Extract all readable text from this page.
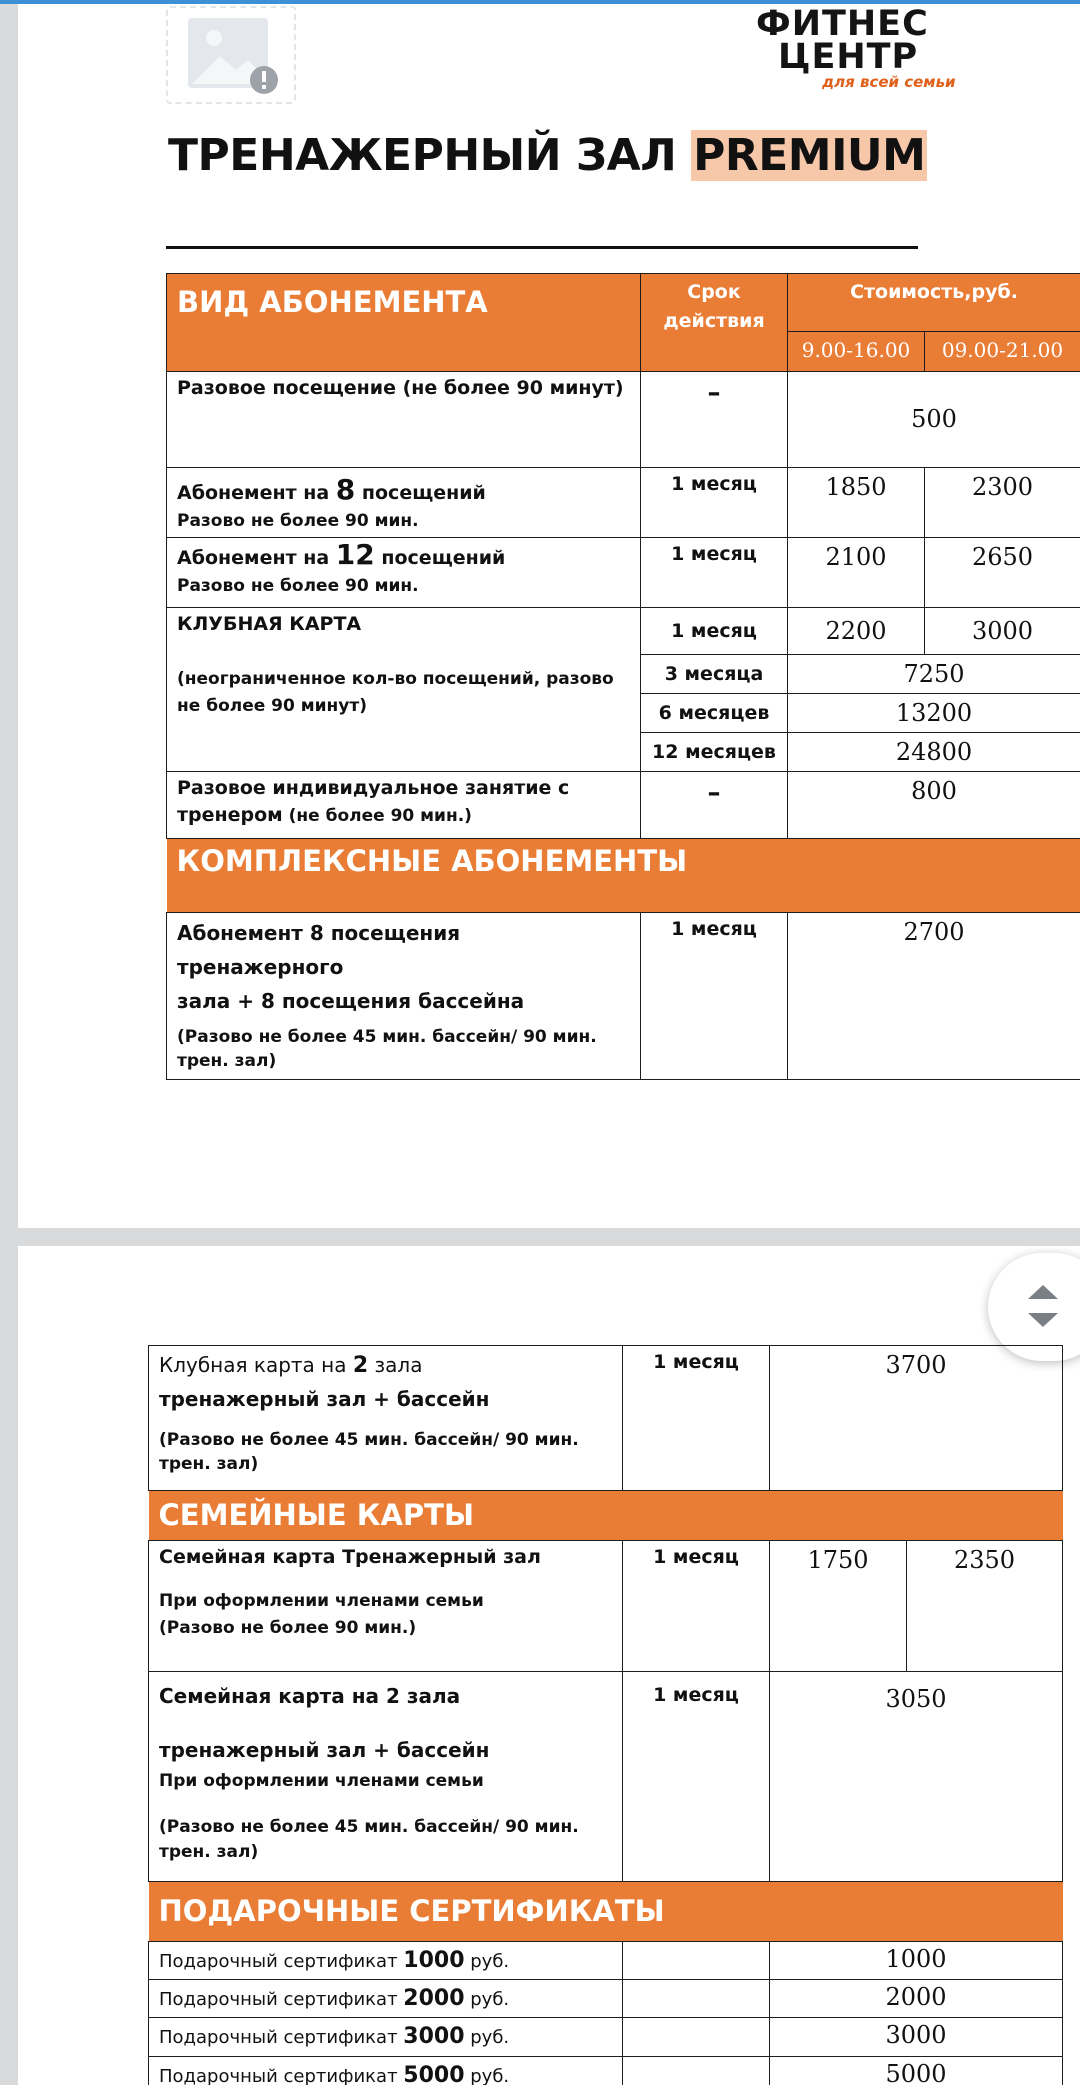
ФИТНЕС
ЦЕНТР
для всей семьи
ТРЕНАЖЕРНЫЙ ЗАЛ PREMIUM
ВИД АБОНЕМЕНТА	Срок действия	Стоимость,руб.	
		9.00-16.00	09.00-21.00
Разовое посещение (не более 90 минут)	–	500	
Абонемент на 8 посещений
Разово не более 90 мин.	1 месяц	1850	2300
Абонемент на 12 посещений
Разово не более 90 мин.	1 месяц	2100	2650
КЛУБНАЯ КАРТА

(неограниченное кол-во посещений, разово не более 90 минут)	1 месяц	2200	3000
	3 месяца	7250	
	6 месяцев	13200	
	12 месяцев	24800	
Разовое индивидуальное занятие с тренером (не более 90 мин.)	–	800	
КОМПЛЕКСНЫЕ АБОНЕМЕНТЫ			
Абонемент 8 посещения тренажерного
зала + 8 посещения бассейна
(Разово не более 45 мин. бассейн/ 90 мин. трен. зал)	1 месяц	2700	
Клубная карта на 2 зала
тренажерный зал + бассейн
(Разово не более 45 мин. бассейн/ 90 мин. трен. зал)	1 месяц	3700	
СЕМЕЙНЫЕ КАРТЫ			
Семейная карта Тренажерный зал
При оформлении членами семьи
(Разово не более 90 мин.)	1 месяц	1750	2350
Семейная карта на 2 зала
тренажерный зал + бассейн
При оформлении членами семьи
(Разово не более 45 мин. бассейн/ 90 мин. трен. зал)	1 месяц	3050	
ПОДАРОЧНЫЕ СЕРТИФИКАТЫ			
Подарочный сертификат 1000 руб.		1000	
Подарочный сертификат 2000 руб.		2000	
Подарочный сертификат 3000 руб.		3000	
Подарочный сертификат 5000 руб.		5000	
